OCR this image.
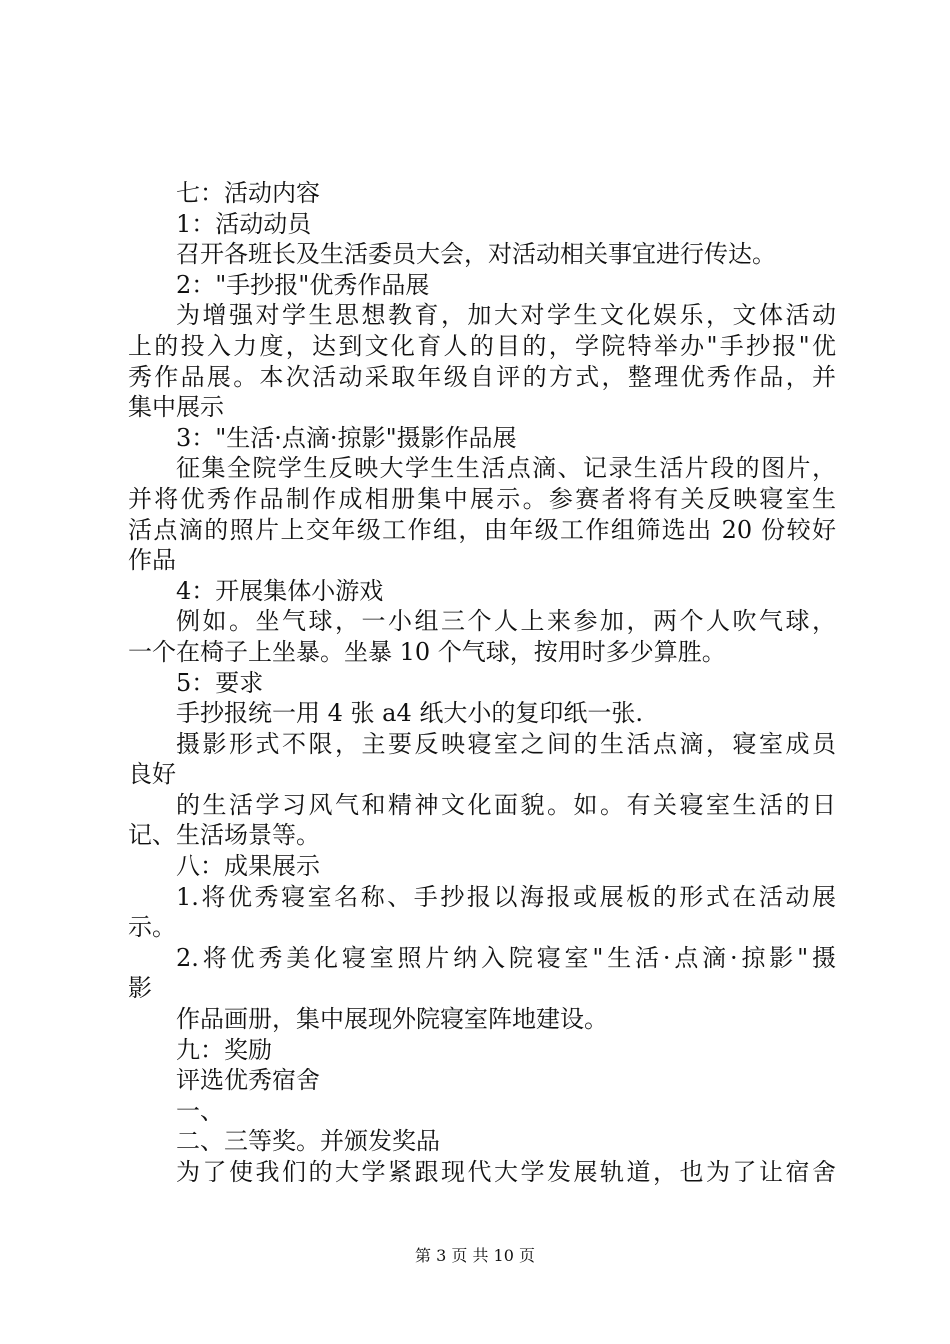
七：活动内容

1：活动动员

召开各班长及生活委员大会，对活动相关事宜进行传达。

2："手抄报"优秀作品展

为增强对学生思想教育，加大对学生文化娱乐，文体活动

上的投入力度，达到文化育人的目的，学院特举办"手抄报"优

秀作品展。本次活动采取年级自评的方式，整理优秀作品，并

集中展示

3："生活·点滴·掠影"摄影作品展

征集全院学生反映大学生生活点滴、记录生活片段的图片，

并将优秀作品制作成相册集中展示。参赛者将有关反映寝室生

活点滴的照片上交年级工作组，由年级工作组筛选出 20 份较好

作品

4：开展集体小游戏

例如。坐气球，一小组三个人上来参加，两个人吹气球，

一个在椅子上坐暴。坐暴 10 个气球，按用时多少算胜。

5：要求

手抄报统一用 4 张 a4 纸大小的复印纸一张.

摄影形式不限，主要反映寝室之间的生活点滴，寝室成员

良好

的生活学习风气和精神文化面貌。如。有关寝室生活的日

记、生活场景等。

八：成果展示

1.将优秀寝室名称、手抄报以海报或展板的形式在活动展

示。

2.将优秀美化寝室照片纳入院寝室"生活·点滴·掠影"摄

影

作品画册，集中展现外院寝室阵地建设。

九：奖励

评选优秀宿舍

一、

二、三等奖。并颁发奖品

为了使我们的大学紧跟现代大学发展轨道，也为了让宿舍

第 3 页 共 10 页
